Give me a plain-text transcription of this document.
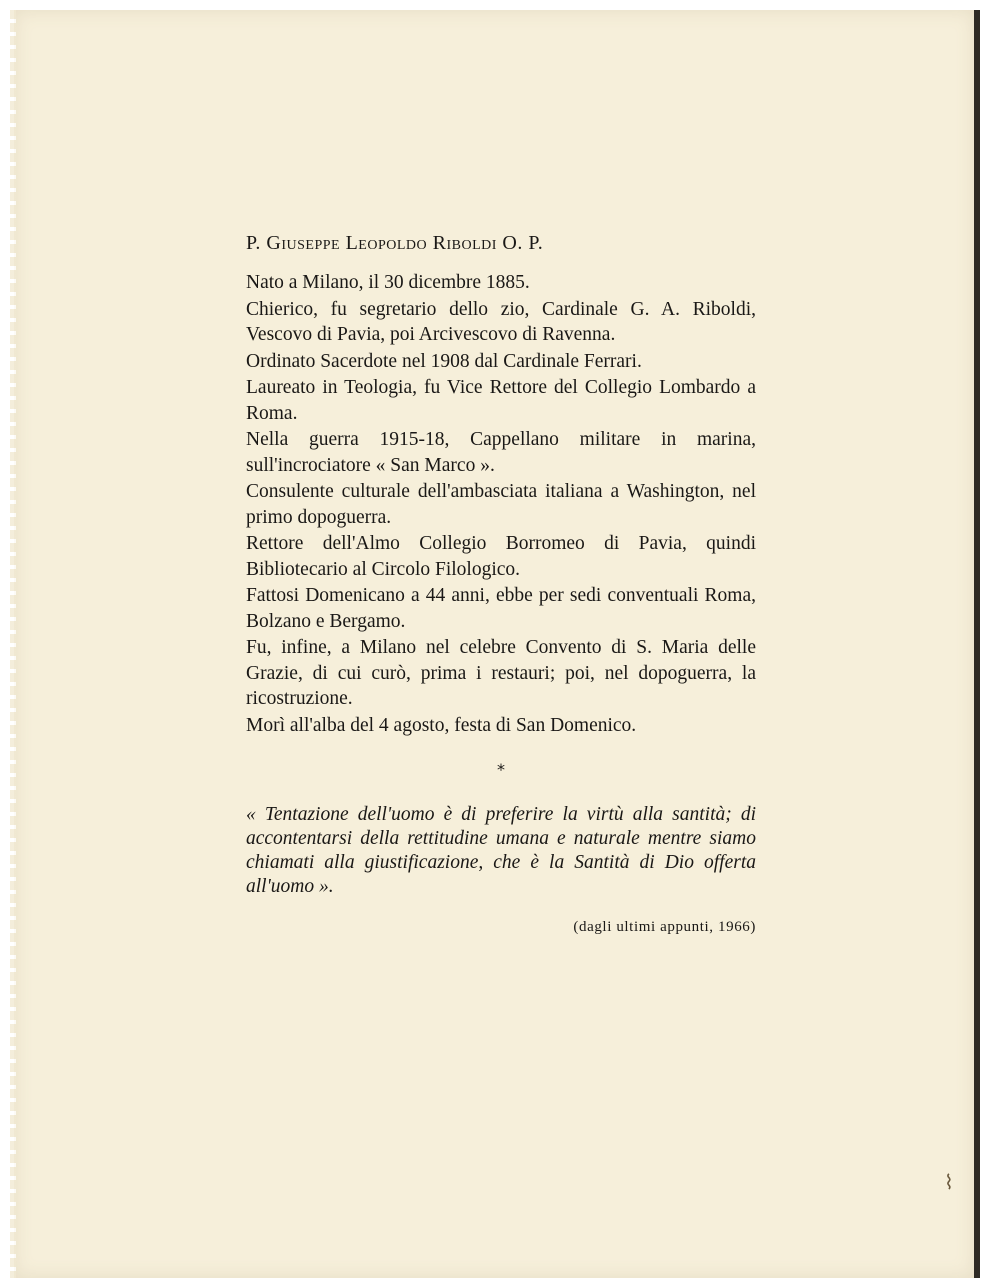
⌇
P. Giuseppe Leopoldo Riboldi O. P.
Nato a Milano, il 30 dicembre 1885.
Chierico, fu segretario dello zio, Cardinale G. A. Riboldi, Vescovo di Pavia, poi Arcivescovo di Ravenna.
Ordinato Sacerdote nel 1908 dal Cardinale Ferrari.
Laureato in Teologia, fu Vice Rettore del Collegio Lombardo a Roma.
Nella guerra 1915-18, Cappellano militare in marina, sull'incrociatore « San Marco ».
Consulente culturale dell'ambasciata italiana a Washington, nel primo dopoguerra.
Rettore dell'Almo Collegio Borromeo di Pavia, quindi Bibliotecario al Circolo Filologico.
Fattosi Domenicano a 44 anni, ebbe per sedi conventuali Roma, Bolzano e Bergamo.
Fu, infine, a Milano nel celebre Convento di S. Maria delle Grazie, di cui curò, prima i restauri; poi, nel dopoguerra, la ricostruzione.
Morì all'alba del 4 agosto, festa di San Domenico.
*
« Tentazione dell'uomo è di preferire la virtù alla santità; di accontentarsi della rettitudine umana e naturale mentre siamo chiamati alla giustificazione, che è la Santità di Dio offerta all'uomo ».
(dagli ultimi appunti, 1966)
